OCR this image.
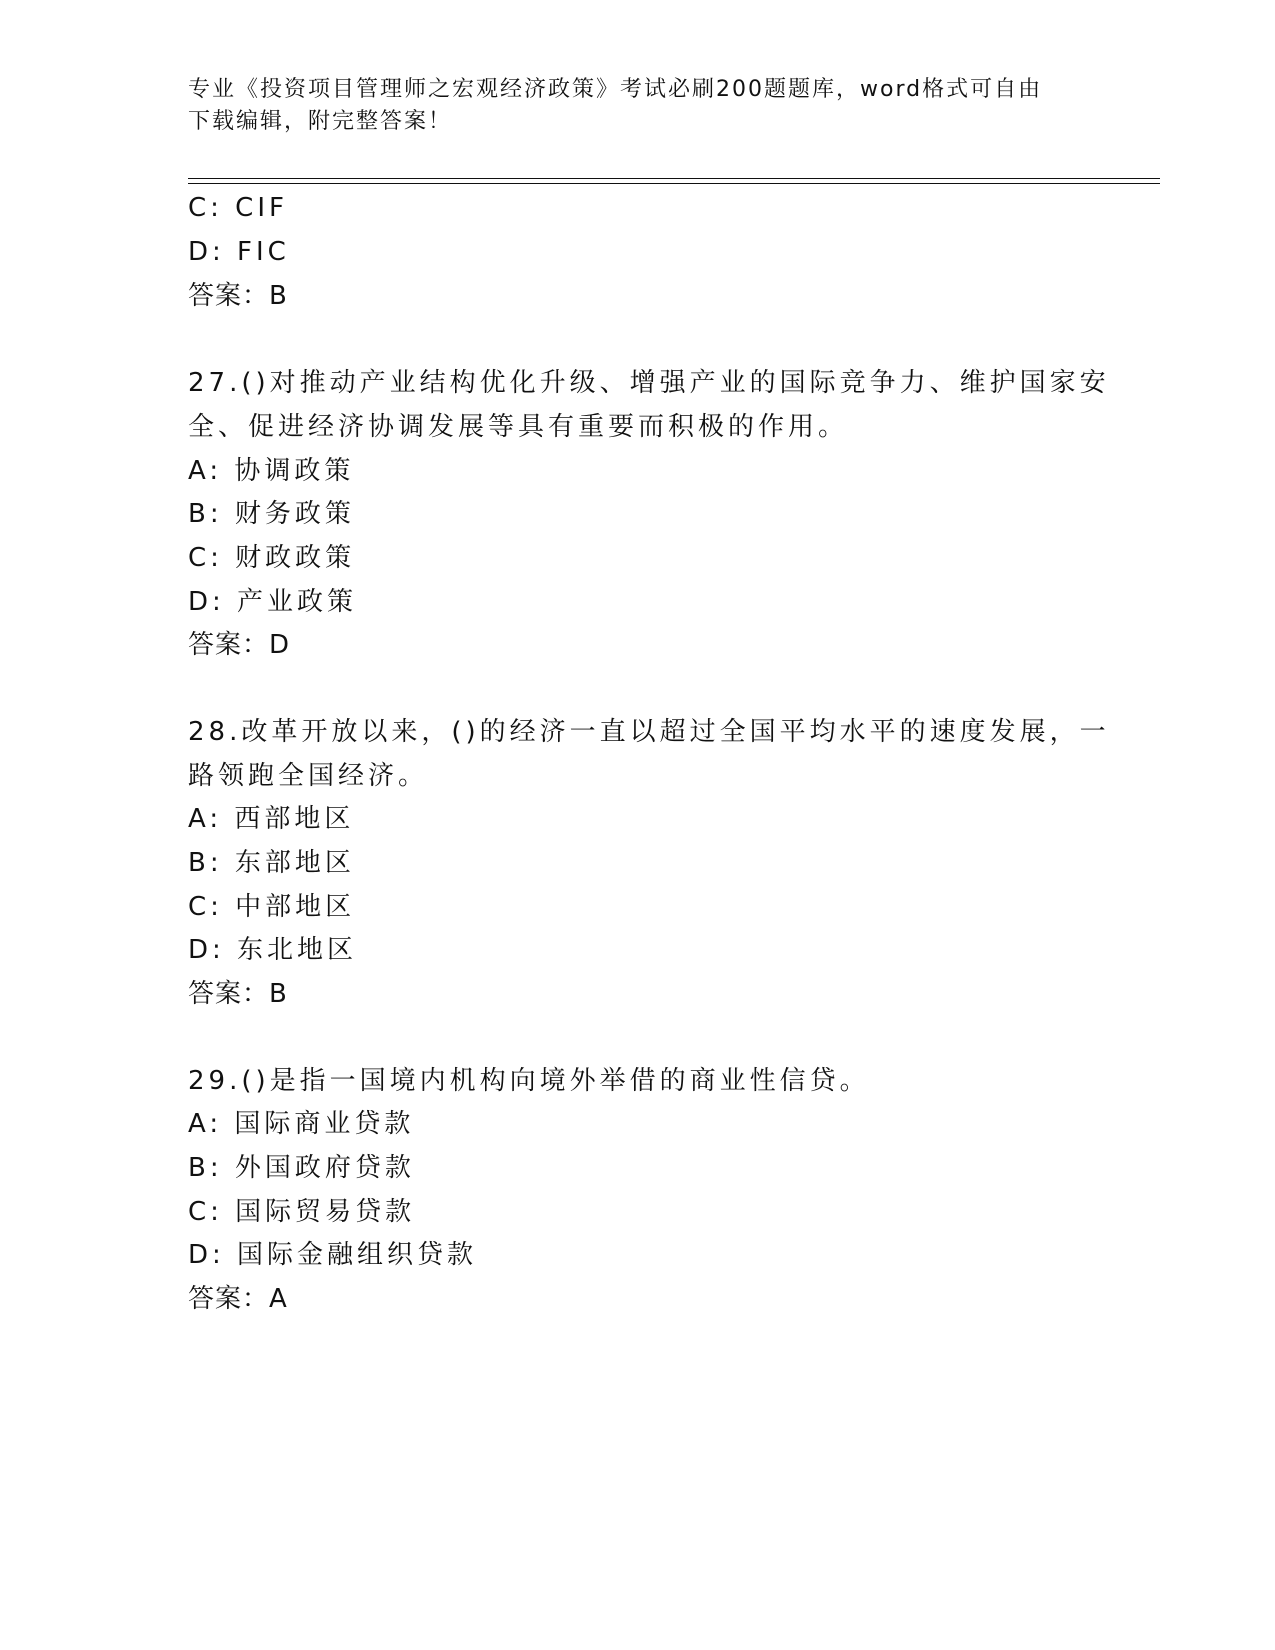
专业《投资项目管理师之宏观经济政策》考试必刷200题题库，word格式可自由
下载编辑，附完整答案！
C: CIF
D: FIC
答案：B
27.()对推动产业结构优化升级、增强产业的国际竞争力、维护国家安
全、促进经济协调发展等具有重要而积极的作用。
A: 协调政策
B: 财务政策
C: 财政政策
D: 产业政策
答案：D
28.改革开放以来，()的经济一直以超过全国平均水平的速度发展，一
路领跑全国经济。
A: 西部地区
B: 东部地区
C: 中部地区
D: 东北地区
答案：B
29.()是指一国境内机构向境外举借的商业性信贷。
A: 国际商业贷款
B: 外国政府贷款
C: 国际贸易贷款
D: 国际金融组织贷款
答案：A
